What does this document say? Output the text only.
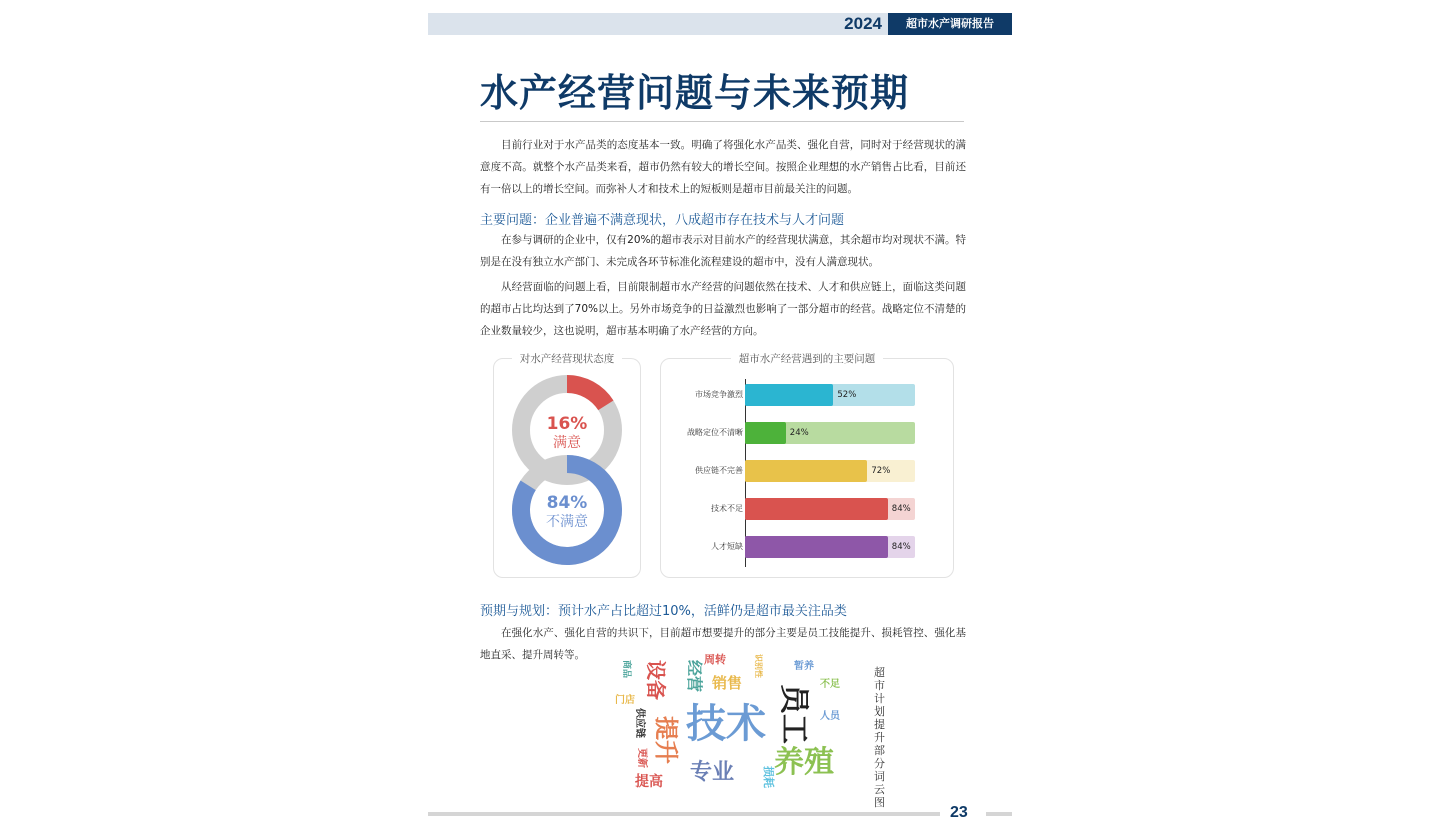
2024	超市水产调研报告
水产经营问题与未来预期
目前行业对于水产品类的态度基本一致。明确了将强化水产品类、强化自营，同时对于经营现状的满意度不高。就整个水产品类来看，超市仍然有较大的增长空间。按照企业理想的水产销售占比看，目前还有一倍以上的增长空间。而弥补人才和技术上的短板则是超市目前最关注的问题。
主要问题：企业普遍不满意现状，八成超市存在技术与人才问题
在参与调研的企业中，仅有20%的超市表示对目前水产的经营现状满意，其余超市均对现状不满。特别是在没有独立水产部门、未完成各环节标准化流程建设的超市中，没有人满意现状。
从经营面临的问题上看，目前限制超市水产经营的问题依然在技术、人才和供应链上，面临这类问题的超市占比均达到了70%以上。另外市场竞争的日益激烈也影响了一部分超市的经营。战略定位不清楚的企业数量较少，这也说明，超市基本明确了水产经营的方向。
对水产经营现状态度
16%
满意
84%
不满意
超市水产经营遇到的主要问题
市场竞争激烈	52%
战略定位不清晰	24%
供应链不完善	72%
技术不足	84%
人才短缺	84%
预期与规划：预计水产占比超过10%，活鲜仍是超市最关注品类
在强化水产、强化自营的共识下，目前超市想要提升的部分主要是员工技能提升、损耗管控、强化基地直采、提升周转等。
技术 员工
养殖
提升
专业
设备 经营 销售
周转
提高
供应链
更新
门店
商品	暂养
不足
人员
损耗
识别性	超市计划提升部分词云图
23
